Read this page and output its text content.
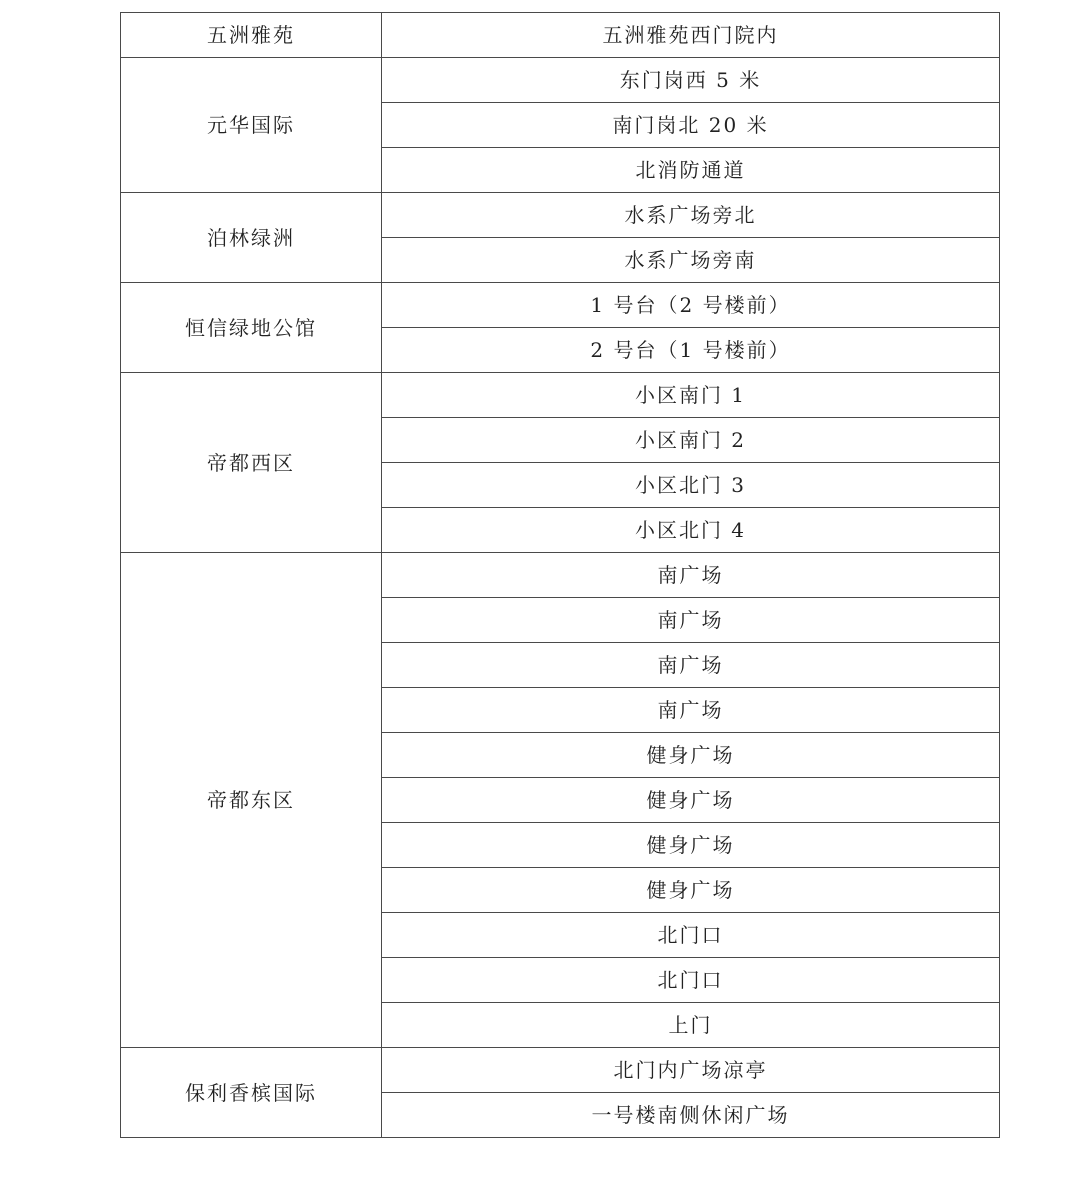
五洲雅苑	五洲雅苑西门院内
元华国际	东门岗西 5 米
	南门岗北 20 米
	北消防通道
泊林绿洲	水系广场旁北
	水系广场旁南
恒信绿地公馆	1 号台（2 号楼前）
	2 号台（1 号楼前）
帝都西区	小区南门 1
	小区南门 2
	小区北门 3
	小区北门 4
帝都东区	南广场
	南广场
	南广场
	南广场
	健身广场
	健身广场
	健身广场
	健身广场
	北门口
	北门口
	上门
保利香槟国际	北门内广场凉亭
	一号楼南侧休闲广场
